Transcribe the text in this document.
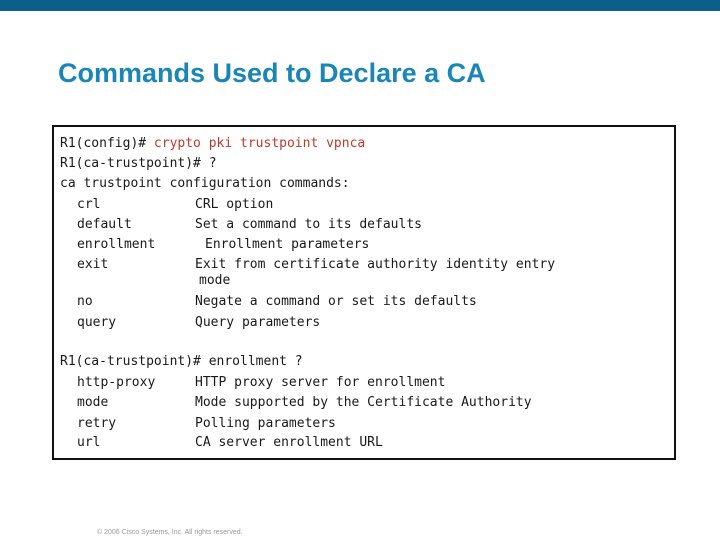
Commands Used to Declare a CA
R1(config)# crypto pki trustpoint vpnca
R1(ca-trustpoint)# ?
ca trustpoint configuration commands:
crl	CRL option
default	Set a command to its defaults
enrollment	Enrollment parameters
exit	Exit from certificate authority identity entry
mode
no	Negate a command or set its defaults
query	Query parameters
R1(ca-trustpoint)# enrollment ?
http-proxy	HTTP proxy server for enrollment
mode	Mode supported by the Certificate Authority
retry	Polling parameters
url	CA server enrollment URL
© 2006 Cisco Systems, Inc. All rights reserved.
